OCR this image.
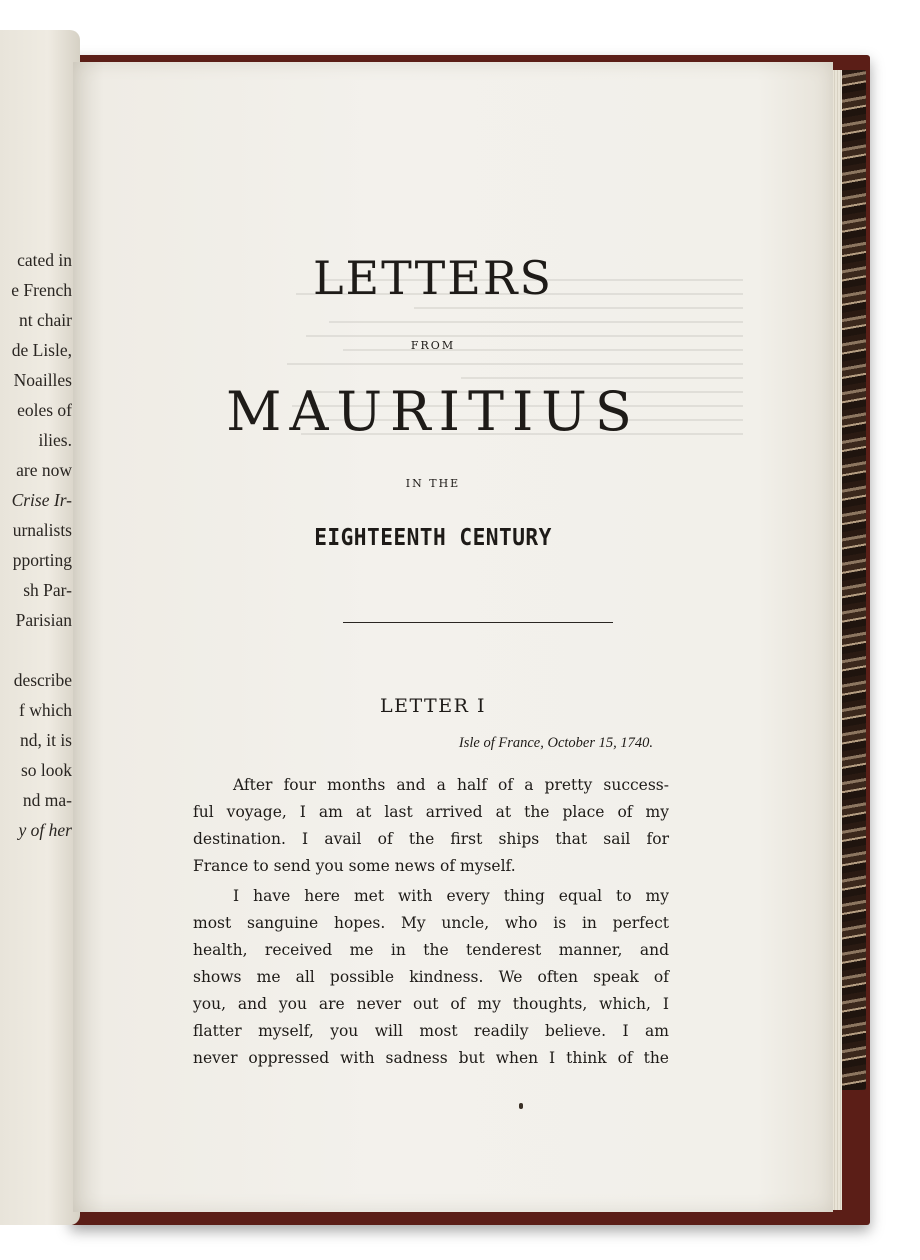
cated in
e French
nt chair
de Lisle,
Noailles
eoles of
ilies.
are now
Crise Ir-
urnalists
pporting
sh Par-
Parisian
describe
f which
nd, it is
so look
nd ma-
y of her
LETTERS
FROM
MAURITIUS
IN THE
EIGHTEENTH CENTURY
LETTER I
Isle of France, October 15, 1740.

After four months and a half of a pretty success-
ful voyage, I am at last arrived at the place of my
destination. I avail of the first ships that sail for
France to send you some news of myself.

I have here met with every thing equal to my
most sanguine hopes. My uncle, who is in perfect
health, received me in the tenderest manner, and
shows me all possible kindness. We often speak of
you, and you are never out of my thoughts, which, I
flatter myself, you will most readily believe. I am
never oppressed with sadness but when I think of the
